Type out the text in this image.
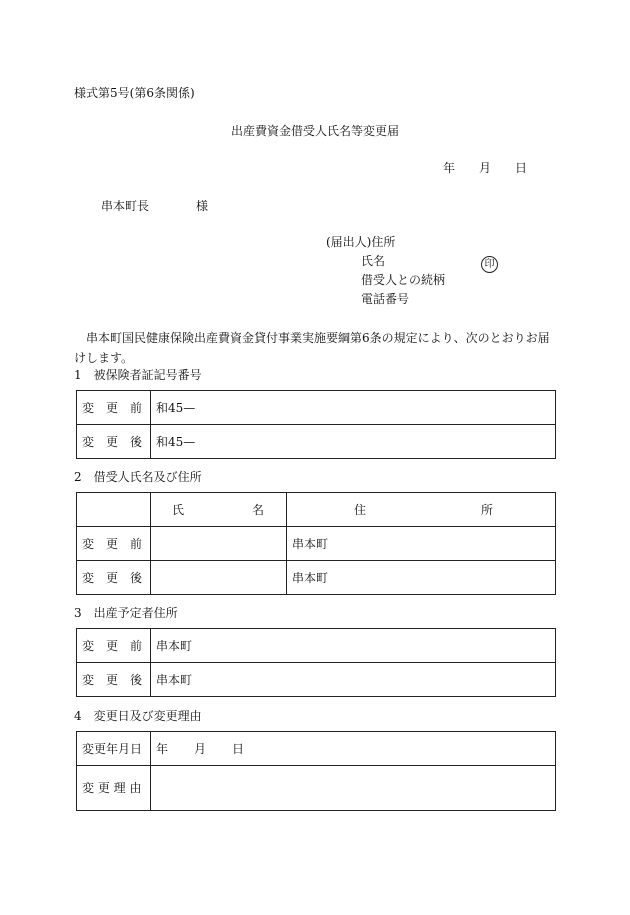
様式第5号(第6条関係)
出産費資金借受人氏名等変更届
年 月 日
串本町長	様
(届出人)住所
氏名	印
借受人との続柄
電話番号
串本町国民健康保険出産費資金貸付事業実施要綱第6条の規定により、次のとおりお届けします。
1　被保険者証記号番号
変　更　前	和45—
変　更　後	和45—
2　借受人氏名及び住所

	氏 名	住 所

変　更　前		串本町
変　更　後		串本町
3　出産予定者住所
変　更　前	串本町
変　更　後	串本町
4　変更日及び変更理由
変更年月日	年 月 日
変 更 理 由	
